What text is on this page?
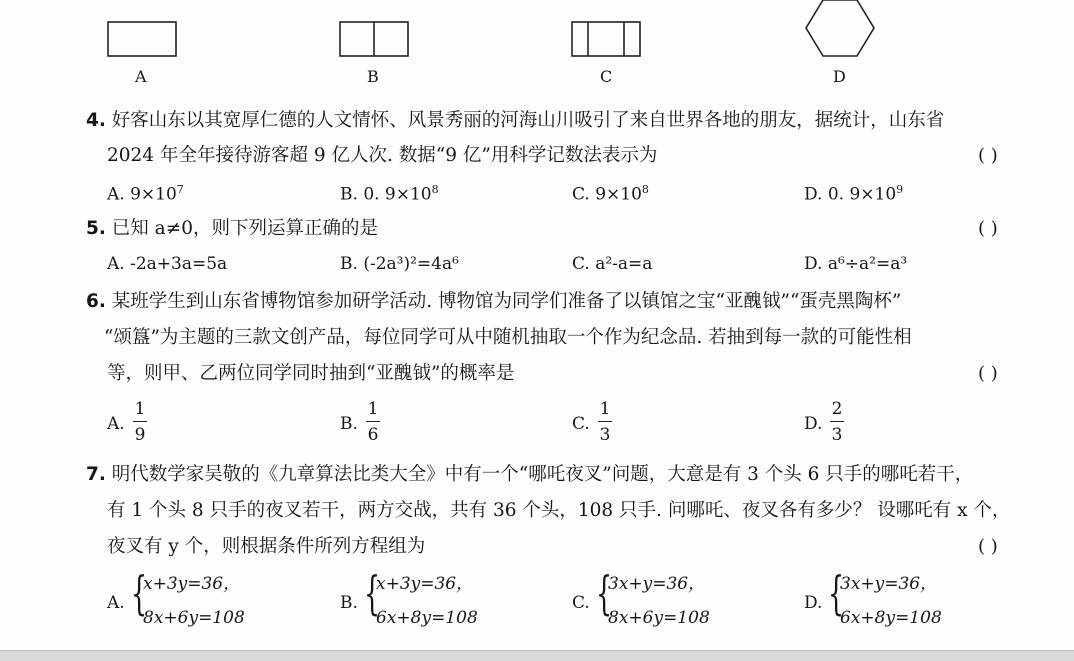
A	B	C	D
4. 好客山东以其宽厚仁德的人文情怀、风景秀丽的河海山川吸引了来自世界各地的朋友，据统计，山东省
2024 年全年接待游客超 9 亿人次. 数据“9 亿”用科学记数法表示为	( )
A. $9\times 10^7$	B. 0. $9\times 10^8$	C. $9\times 10^8$	D. 0. $9\times 10^9$
5. 已知 a≠0，则下列运算正确的是	( )
A. -2a+3a=5a	B. (-2a³)²=4a⁶	C. a²-a=a	D. a⁶÷a²=a³
6. 某班学生到山东省博物馆参加研学活动. 博物馆为同学们准备了以镇馆之宝“亚醜钺”“蛋壳黑陶杯”
“颂簋”为主题的三款文创产品，每位同学可从中随机抽取一个作为纪念品. 若抽到每一款的可能性相
等，则甲、乙两位同学同时抽到“亚醜钺”的概率是	( )
A.
1
9
B.
1
6
C.
1
3
D.
2
3
7. 明代数学家吴敬的《九章算法比类大全》中有一个“哪吒夜叉”问题，大意是有 3 个头 6 只手的哪吒若干，
有 1 个头 8 只手的夜叉若干，两方交战，共有 36 个头，108 只手. 问哪吒、夜叉各有多少？ 设哪吒有 x 个，
夜叉有 y 个，则根据条件所列方程组为	( )
A. {
x+3y=36，
8x+6y=108
B. {
x+3y=36，
6x+8y=108
C. {
3x+y=36，
8x+6y=108
D. {
3x+y=36，
6x+8y=108
